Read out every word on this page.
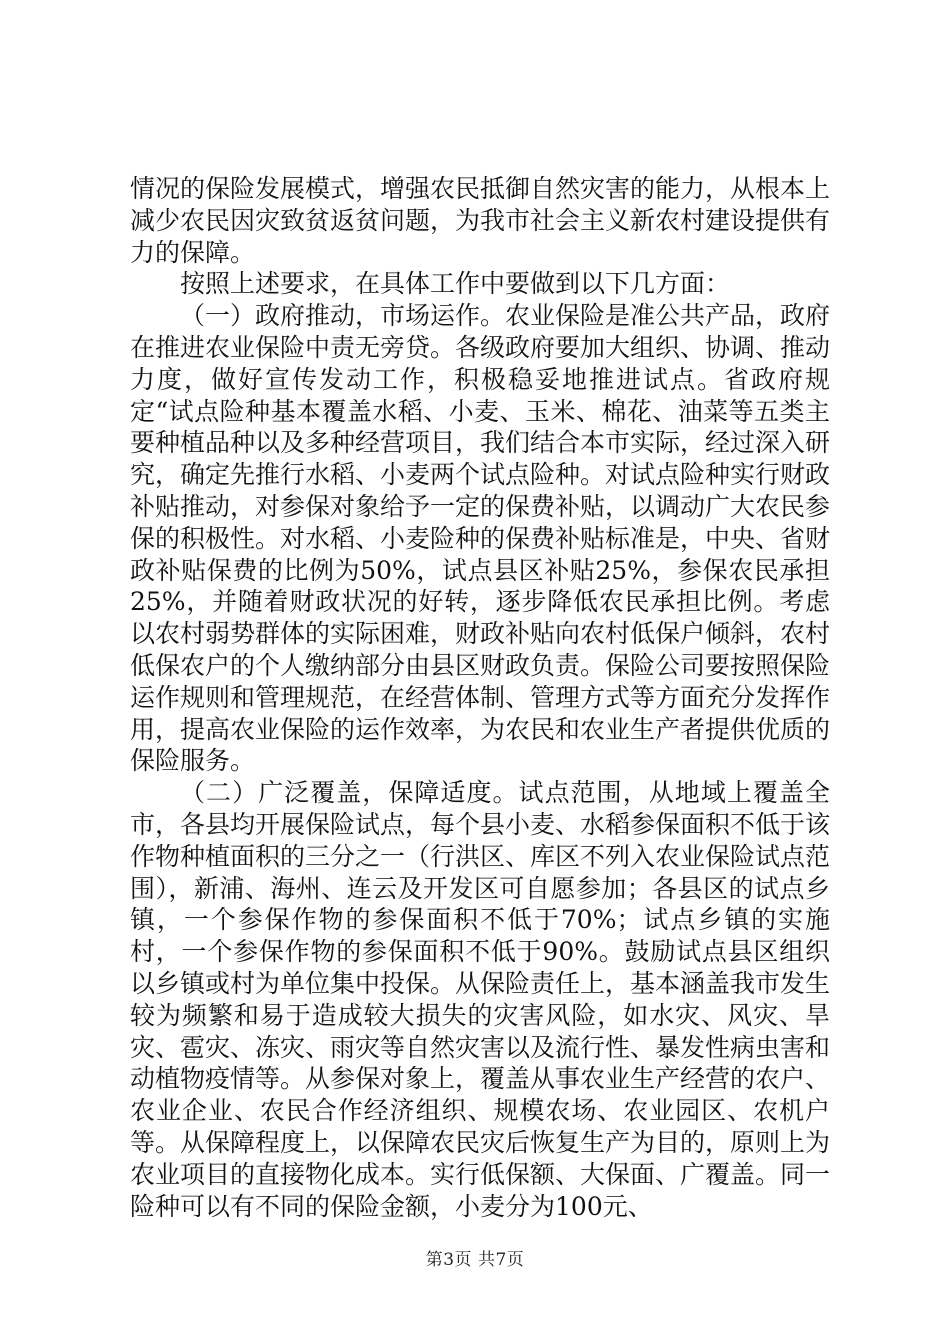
情况的保险发展模式，增强农民抵御自然灾害的能力，从根本上减少农民因灾致贫返贫问题，为我市社会主义新农村建设提供有力的保障。

按照上述要求，在具体工作中要做到以下几方面：

（一）政府推动，市场运作。农业保险是准公共产品，政府在推进农业保险中责无旁贷。各级政府要加大组织、协调、推动力度，做好宣传发动工作，积极稳妥地推进试点。省政府规定“试点险种基本覆盖水稻、小麦、玉米、棉花、油菜等五类主要种植品种以及多种经营项目，我们结合本市实际，经过深入研究，确定先推行水稻、小麦两个试点险种。对试点险种实行财政补贴推动，对参保对象给予一定的保费补贴，以调动广大农民参保的积极性。对水稻、小麦险种的保费补贴标准是，中央、省财政补贴保费的比例为50%，试点县区补贴25%，参保农民承担25%，并随着财政状况的好转，逐步降低农民承担比例。考虑以农村弱势群体的实际困难，财政补贴向农村低保户倾斜，农村低保农户的个人缴纳部分由县区财政负责。保险公司要按照保险运作规则和管理规范，在经营体制、管理方式等方面充分发挥作用，提高农业保险的运作效率，为农民和农业生产者提供优质的保险服务。

（二）广泛覆盖，保障适度。试点范围，从地域上覆盖全市，各县均开展保险试点，每个县小麦、水稻参保面积不低于该作物种植面积的三分之一（行洪区、库区不列入农业保险试点范围），新浦、海州、连云及开发区可自愿参加；各县区的试点乡镇，一个参保作物的参保面积不低于70%；试点乡镇的实施村，一个参保作物的参保面积不低于90%。鼓励试点县区组织以乡镇或村为单位集中投保。从保险责任上，基本涵盖我市发生较为频繁和易于造成较大损失的灾害风险，如水灾、风灾、旱灾、雹灾、冻灾、雨灾等自然灾害以及流行性、暴发性病虫害和动植物疫情等。从参保对象上，覆盖从事农业生产经营的农户、农业企业、农民合作经济组织、规模农场、农业园区、农机户等。从保障程度上，以保障农民灾后恢复生产为目的，原则上为农业项目的直接物化成本。实行低保额、大保面、广覆盖。同一险种可以有不同的保险金额，小麦分为100元、

第3页 共7页
